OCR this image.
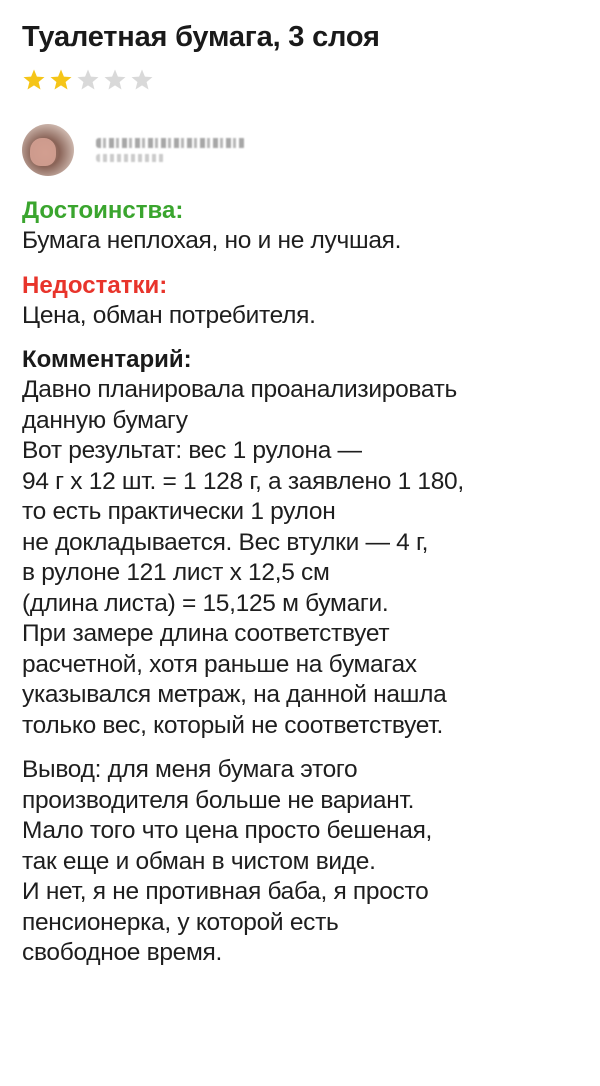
Туалетная бумага, 3 слоя
Достоинства:

Бумага неплохая, но и не лучшая.

Недостатки:

Цена, обман потребителя.

Комментарий:

Давно планировала проанализировать
данную бумагу
Вот результат: вес 1 рулона —
94 г х 12 шт. = 1 128 г, а заявлено 1 180,
то есть практически 1 рулон
не докладывается. Вес втулки — 4 г,
в рулоне 121 лист х 12,5 см
(длина листа) = 15,125 м бумаги.
При замере длина соответствует
расчетной, хотя раньше на бумагах
указывался метраж, на данной нашла
только вес, который не соответствует.

Вывод: для меня бумага этого
производителя больше не вариант.
Мало того что цена просто бешеная,
так еще и обман в чистом виде.
И нет, я не противная баба, я просто
пенсионерка, у которой есть
свободное время.
